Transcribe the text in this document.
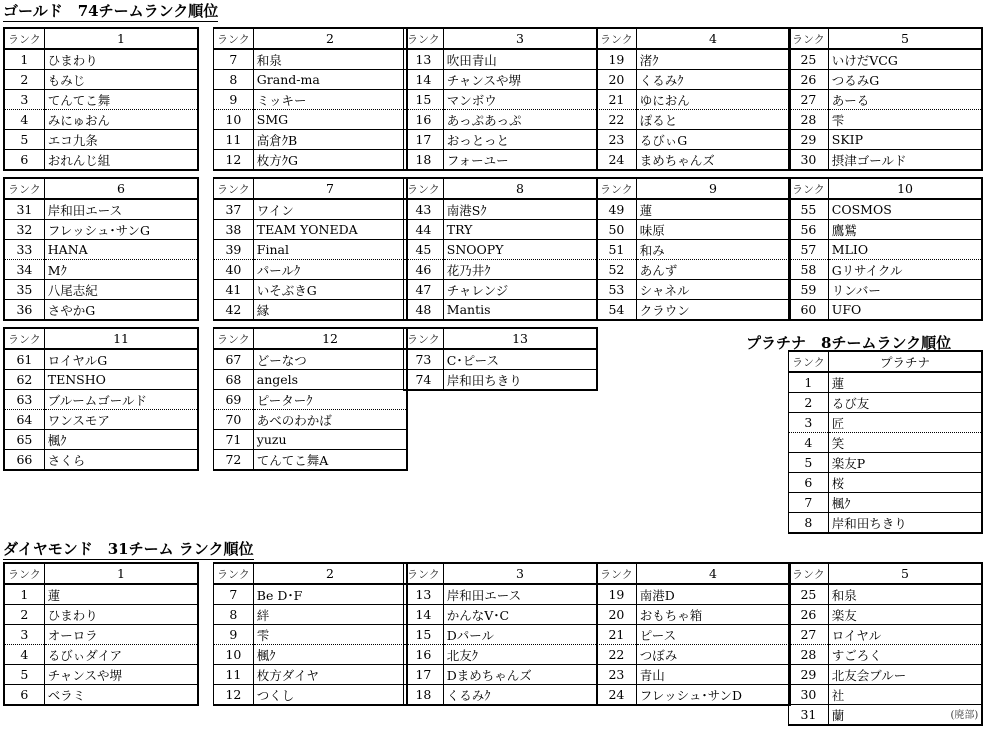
ゴールド　74チームランク順位
プラチナ　8チームランク順位
ダイヤモンド　31チーム ランク順位
ランク	1
1	ひまわり
2	もみじ
3	てんてこ舞
4	みにゅおん
5	エコ九条
6	おれんじ組
ランク	2
7	和泉
8	Grand-ma
9	ミッキー
10	SMG
11	高倉ｸB
12	枚方ｸG
ランク	3
13	吹田青山
14	チャンスや堺
15	マンボウ
16	あっぷあっぷ
17	おっとっと
18	フォーユー
ランク	4
19	渚ｸ
20	くるみｸ
21	ゆにおん
22	ぽると
23	るびぃG
24	まめちゃんズ
ランク	5
25	いけだVCG
26	つるみG
27	あーる
28	雫
29	SKIP
30	摂津ゴールド
ランク	6
31	岸和田エース
32	フレッシュ･サンG
33	HANA
34	Mｸ
35	八尾志紀
36	さやかG
ランク	7
37	ワイン
38	TEAM YONEDA
39	Final
40	パールｸ
41	いそぶきG
42	縁
ランク	8
43	南港Sｸ
44	TRY
45	SNOOPY
46	花乃井ｸ
47	チャレンジ
48	Mantis
ランク	9
49	蓮
50	味原
51	和み
52	あんず
53	シャネル
54	クラウン
ランク	10
55	COSMOS
56	鷹鷲
57	MLIO
58	Gリサイクル
59	リンバー
60	UFO
ランク	11
61	ロイヤルG
62	TENSHO
63	ブルームゴールド
64	ワンスモア
65	楓ｸ
66	さくら
ランク	12
67	どーなつ
68	angels
69	ピーターｸ
70	あべのわかば
71	yuzu
72	てんてこ舞A
ランク	13
73	C･ピース
74	岸和田ちきり
ランク	プラチナ
1	蓮
2	るび友
3	匠
4	笑
5	楽友P
6	桜
7	楓ｸ
8	岸和田ちきり
ランク	1
1	蓮
2	ひまわり
3	オーロラ
4	るびぃダイア
5	チャンスや堺
6	ベラミ
ランク	2
7	Be D･F
8	絆
9	雫
10	楓ｸ
11	枚方ダイヤ
12	つくし
ランク	3
13	岸和田エース
14	かんなV･C
15	Dパール
16	北友ｸ
17	Dまめちゃんズ
18	くるみｸ
ランク	4
19	南港D
20	おもちゃ箱
21	ピース
22	つぼみ
23	青山
24	フレッシュ･サンD
ランク	5
25	和泉
26	楽友
27	ロイヤル
28	すごろく
29	北友会ブルー
30	社
31	蘭 (廃部)
